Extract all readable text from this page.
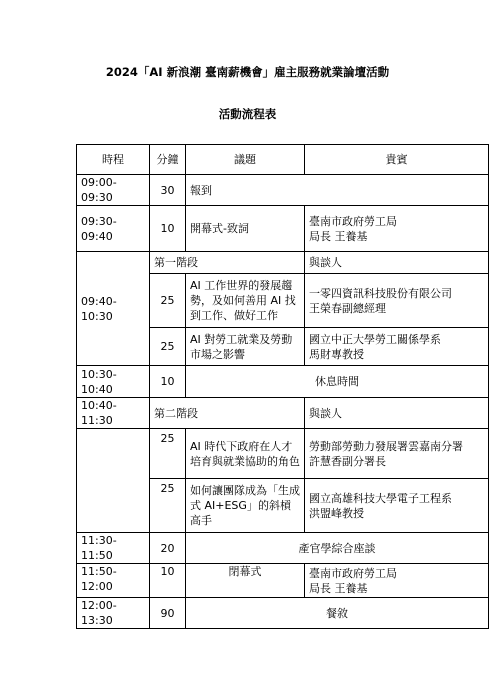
2024「AI 新浪潮 臺南薪機會」雇主服務就業論壇活動
活動流程表
時程	分鐘	議題	貴賓
09:00-09:30	30	報到	
09:30-09:40	10	開幕式-致詞	臺南市政府勞工局
局長 王養基

09:40-10:30	第一階段		與談人
	25	AI 工作世界的發展趨勢，及如何善用 AI 找到工作、做好工作	一零四資訊科技股份有限公司
王榮春副總經理

	25	AI 對勞工就業及勞動市場之影響	國立中正大學勞工關係學系
馬財專教授

10:30-10:40	10	休息時間	
10:40-11:30	第二階段		與談人
	25	AI 時代下政府在人才培育與就業協助的角色	勞動部勞動力發展署雲嘉南分署
許慧香副分署長

	25	如何讓團隊成為「生成式 AI+ESG」的斜槓高手	國立高雄科技大學電子工程系
洪盟峰教授

11:30-11:50	20	產官學綜合座談	
11:50-12:00	10	閉幕式	臺南市政府勞工局
局長 王養基

12:00-13:30	90	餐敘	
